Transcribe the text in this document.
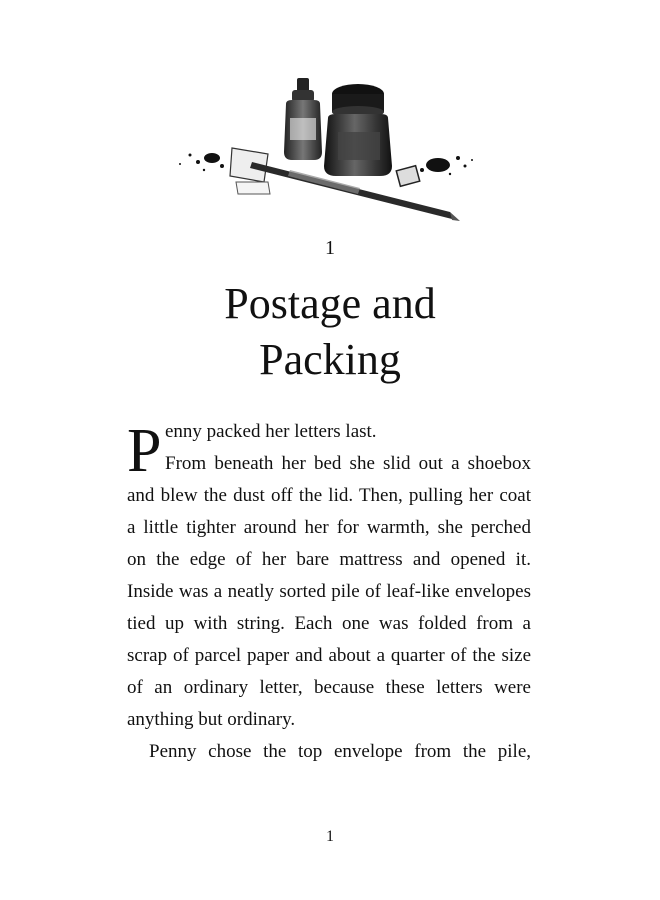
1
Postage and
Packing
P enny packed her letters last.
From beneath her bed she slid out a shoebox
and blew the dust off the lid. Then, pulling her coat
a little tighter around her for warmth, she perched
on the edge of her bare mattress and opened it.
Inside was a neatly sorted pile of leaf-like envelopes
tied up with string. Each one was folded from a
scrap of parcel paper and about a quarter of the size
of an ordinary letter, because these letters were
anything but ordinary.
Penny chose the top envelope from the pile,
1
